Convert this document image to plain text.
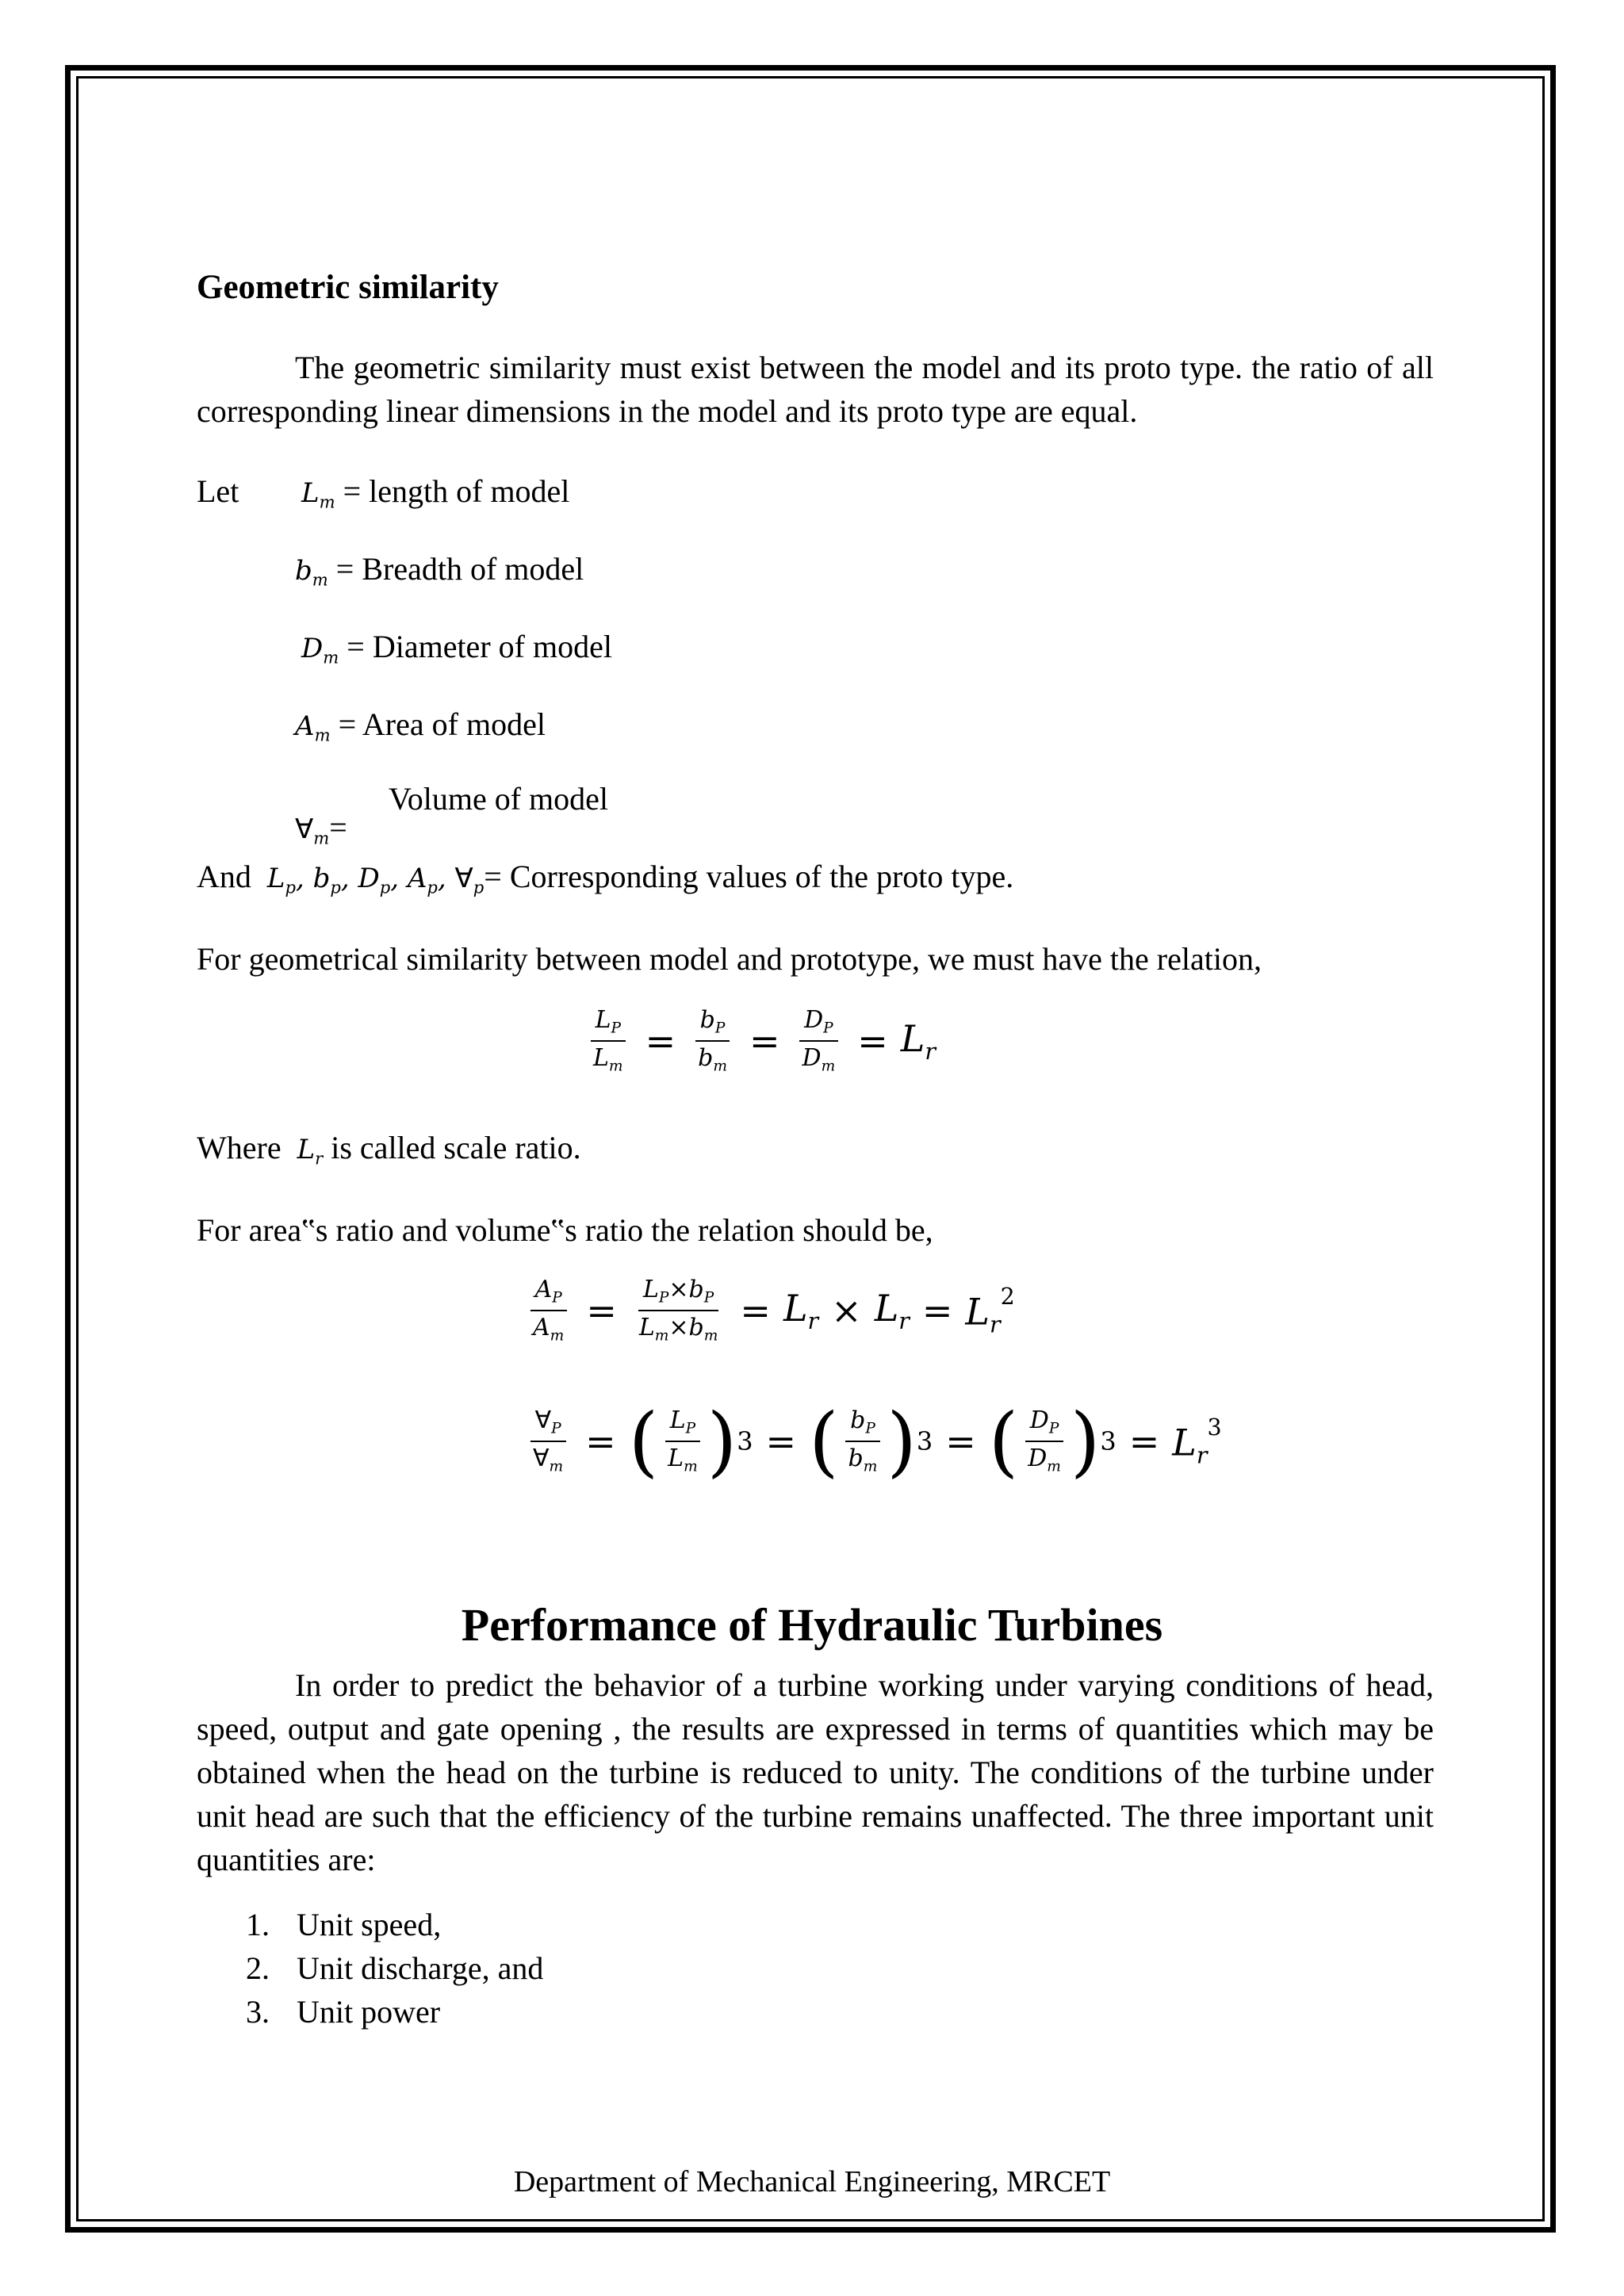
Geometric similarity
The geometric similarity must exist between the model and its proto type. the ratio of all corresponding linear dimensions in the model and its proto type are equal.
Let $L_m$ = length of model
$b_m$ = Breadth of model
$D_m$ = Diameter of model
$A_m$ = Area of model
Volume of model
$\forall_m=$
And $L_p$, $b_p$, $D_p$, $A_p$, $\forall_p=$ Corresponding values of the proto type.
For geometrical similarity between model and prototype, we must have the relation,
$\frac{L_P}{L_m} = \frac{b_P}{b_m} = \frac{D_P}{D_m} = L_r$
Where $L_r$ is called scale ratio.
For area‟s ratio and volume‟s ratio the relation should be,
$\frac{A_P}{A_m} = \frac{L_P\times b_P}{L_m\times b_m} = L_r \times L_r = L_r^2$
$\frac{\forall_P}{\forall_m}$ = ( $\frac{L_P}{L_m}$ ) 3 = ( $\frac{b_P}{b_m}$ ) 3 = ( $\frac{D_P}{D_m}$ ) $3 = L_r^3$
Performance of Hydraulic Turbines
In order to predict the behavior of a turbine working under varying conditions of head, speed, output and gate opening , the results are expressed in terms of quantities which may be obtained when the head on the turbine is reduced to unity. The conditions of the turbine under unit head are such that the efficiency of the turbine remains unaffected. The three important unit quantities are:
1. Unit speed,
2. Unit discharge, and
3. Unit power
Department of Mechanical Engineering, MRCET
